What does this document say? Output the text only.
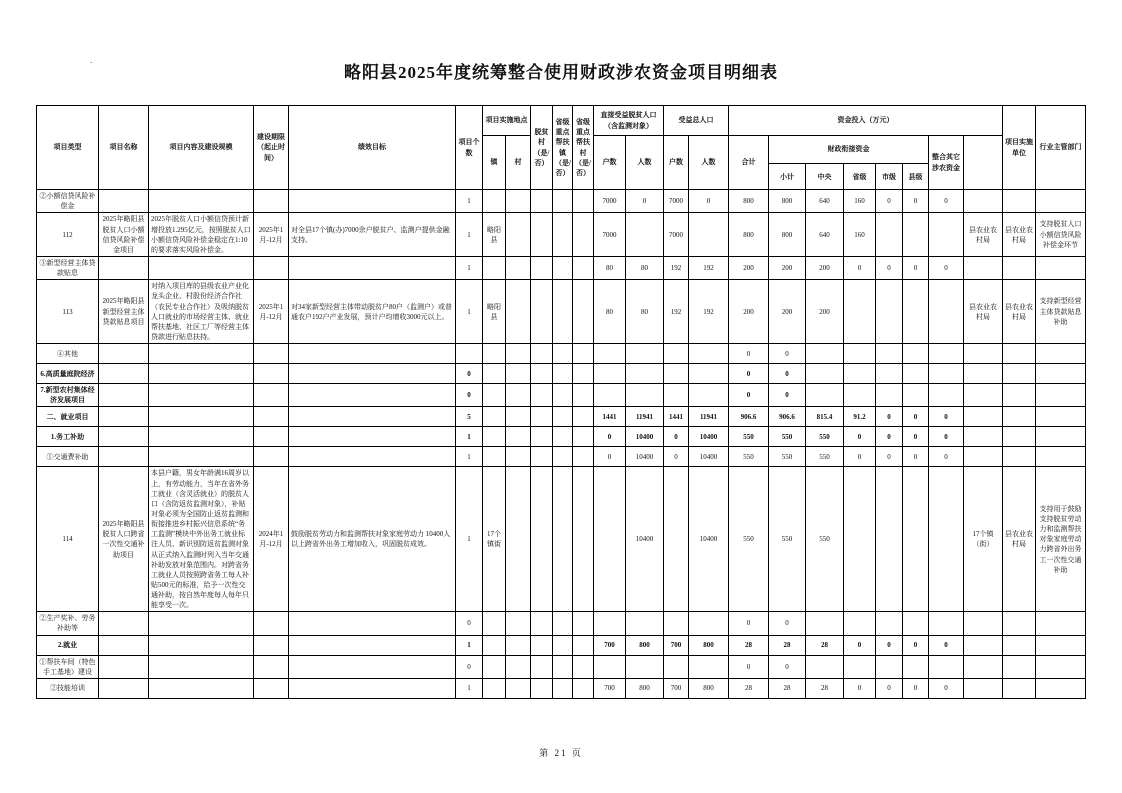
.
略阳县2025年度统筹整合使用财政涉农资金项目明细表
项目类型	项目名称	项目内容及建设规模	建设期限（起止时间）	绩效目标	项目个数	项目实施地点		脱贫村（是/否）	省级重点帮扶镇（是/否）	省级重点帮扶村（是/否）	直接受益脱贫人口（含监测对象）		受益总人口		资金投入（万元）								项目实施单位	行业主管部门	
						镇	村				户数	人数	户数	人数	合计	财政衔接资金					整合其它涉农资金				
																小计	中央	省级	市级	县级					
②小额信贷风险补偿金					1						7000	0	7000	0	800	800	640	160	0	0	0				
112	2025年略阳县脱贫人口小额信贷风险补偿金项目	2025年脱贫人口小额信贷预计新增投放1.295亿元，按照脱贫人口小额信贷风险补偿金稳定在1:10的要求落实风险补偿金。	2025年1月-12月	对全县17个镇(办)7000余户脱贫户、监测户提供金融支持。	1	略阳县					7000		7000		800	800	640	160				县农业农村局	县农业农村局	支持脱贫人口小额信贷风险补偿金环节	
③新型经营主体贷款贴息					1						80	80	192	192	200	200	200	0	0	0	0				
113	2025年略阳县新型经营主体贷款贴息项目	对纳入项目库的县级农业产业化龙头企业、村股份经济合作社（农民专业合作社）及吸纳脱贫人口就业的市场经营主体、就业帮扶基地、社区工厂等经营主体贷款进行贴息扶持。	2025年1月-12月	对34家新型经营主体带动脱贫户80户（监测户）或普通农户192户产业发展，预计户均增收3000元以上。	1	略阳县					80	80	192	192	200	200	200					县农业农村局	县农业农村局	支持新型经营主体贷款贴息补助	
④其他															0	0									
6.高质量庭院经济					0										0	0									
7.新型农村集体经济发展项目					0										0	0									
二、就业项目					5						1441	11941	1441	11941	906.6	906.6	815.4	91.2	0	0	0				
1.务工补助					1						0	10400	0	10400	550	550	550	0	0	0	0				
①交通费补助					1						0	10400	0	10400	550	550	550	0	0	0	0				
114	2025年略阳县脱贫人口跨省一次性交通补助项目	本县户籍，男女年龄满16周岁以上，有劳动能力，当年在省外务工就业（含灵活就业）的脱贫人口（含防返贫监测对象），补贴对象必须为全国防止返贫监测和衔接推进乡村振兴信息系统“务工监测”模块中外出务工就业标注人员、新识别防返贫监测对象从正式纳入监测时列入当年交通补助发放对象范围内。对跨省务工就业人员按照跨省务工每人补贴500元的标准，给予一次性交通补助，按自然年度每人每年只能享受一次。	2024年1月-12月	鼓励脱贫劳动力和监测帮扶对象家庭劳动力 10400人以上跨省外出务工增加收入，巩固脱贫成效。	1	17个镇街						10400		10400	550	550	550					17个镇（街）	县农业农村局	支持用于鼓励支持脱贫劳动力和监测帮扶对象家庭劳动力跨省外出务工一次性交通补助	
②生产奖补、劳务补助等					0										0	0									
2.就业					1						700	800	700	800	28	28	28	0	0	0	0				
①帮扶车间（特色手工基地）建设					0										0	0									
②技能培训					1						700	800	700	800	28	28	28	0	0	0	0				
第 21 页
